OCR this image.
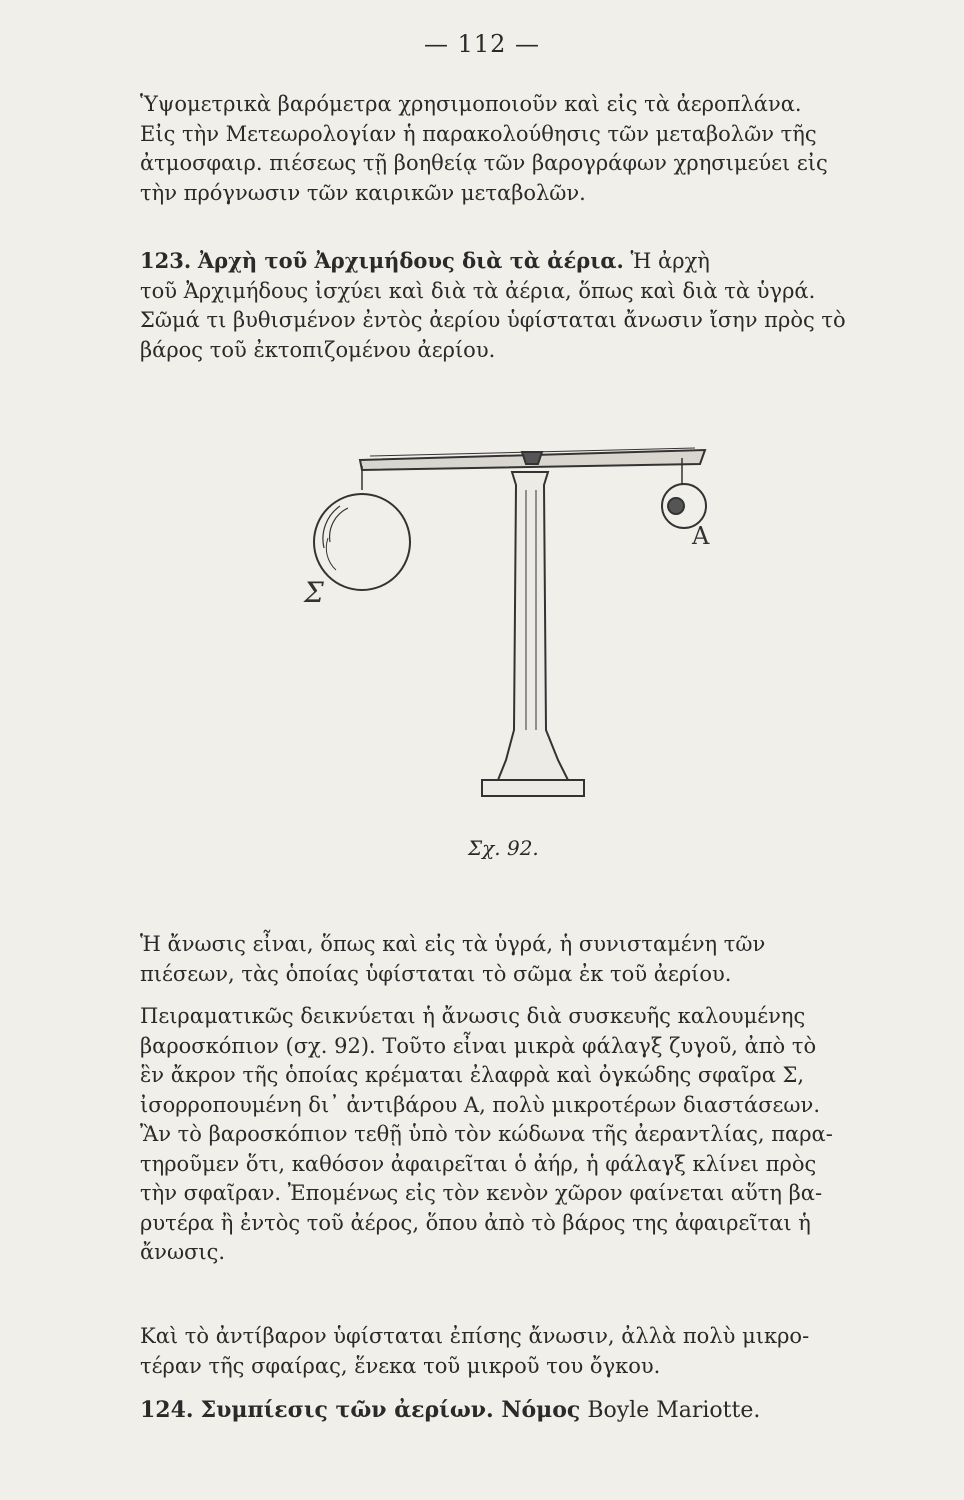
— 112 —
Ὑψομετρικὰ βαρόμετρα χρησιμοποιοῦν καὶ εἰς τὰ ἀεροπλάνα.
Εἰς τὴν Μετεωρολογίαν ἡ παρακολούθησις τῶν μεταβολῶν τῆς
ἀτμοσφαιρ. πιέσεως τῇ βοηθείᾳ τῶν βαρογράφων χρησιμεύει εἰς
τὴν πρόγνωσιν τῶν καιρικῶν μεταβολῶν.
123. Ἀρχὴ τοῦ Ἀρχιμήδους διὰ τὰ ἀέρια. Ἡ ἀρχὴ
τοῦ Ἀρχιμήδους ἰσχύει καὶ διὰ τὰ ἀέρια, ὅπως καὶ διὰ τὰ ὑγρά.
Σῶμά τι βυθισμένον ἐντὸς ἀερίου ὑφίσταται ἄνωσιν ἴσην πρὸς τὸ
βάρος τοῦ ἐκτοπιζομένου ἀερίου.
Σ
Α
Σχ. 92.
Ἡ ἄνωσις εἶναι, ὅπως καὶ εἰς τὰ ὑγρά, ἡ συνισταμένη τῶν
πιέσεων, τὰς ὁποίας ὑφίσταται τὸ σῶμα ἐκ τοῦ ἀερίου.
Πειραματικῶς δεικνύεται ἡ ἄνωσις διὰ συσκευῆς καλουμένης
βαροσκόπιον (σχ. 92). Τοῦτο εἶναι μικρὰ φάλαγξ ζυγοῦ, ἀπὸ τὸ
ἓν ἄκρον τῆς ὁποίας κρέμαται ἐλαφρὰ καὶ ὀγκώδης σφαῖρα Σ,
ἰσορροπουμένη δι᾽ ἀντιβάρου Α, πολὺ μικροτέρων διαστάσεων.
Ἂν τὸ βαροσκόπιον τεθῇ ὑπὸ τὸν κώδωνα τῆς ἀεραντλίας, παρα-
τηροῦμεν ὅτι, καθόσον ἀφαιρεῖται ὁ ἀήρ, ἡ φάλαγξ κλίνει πρὸς
τὴν σφαῖραν. Ἐπομένως εἰς τὸν κενὸν χῶρον φαίνεται αὕτη βα-
ρυτέρα ἢ ἐντὸς τοῦ ἀέρος, ὅπου ἀπὸ τὸ βάρος της ἀφαιρεῖται ἡ
ἄνωσις.
Καὶ τὸ ἀντίβαρον ὑφίσταται ἐπίσης ἄνωσιν, ἀλλὰ πολὺ μικρο-
τέραν τῆς σφαίρας, ἕνεκα τοῦ μικροῦ του ὄγκου.
124. Συμπίεσις τῶν ἀερίων. Νόμος Boyle Mariotte.
